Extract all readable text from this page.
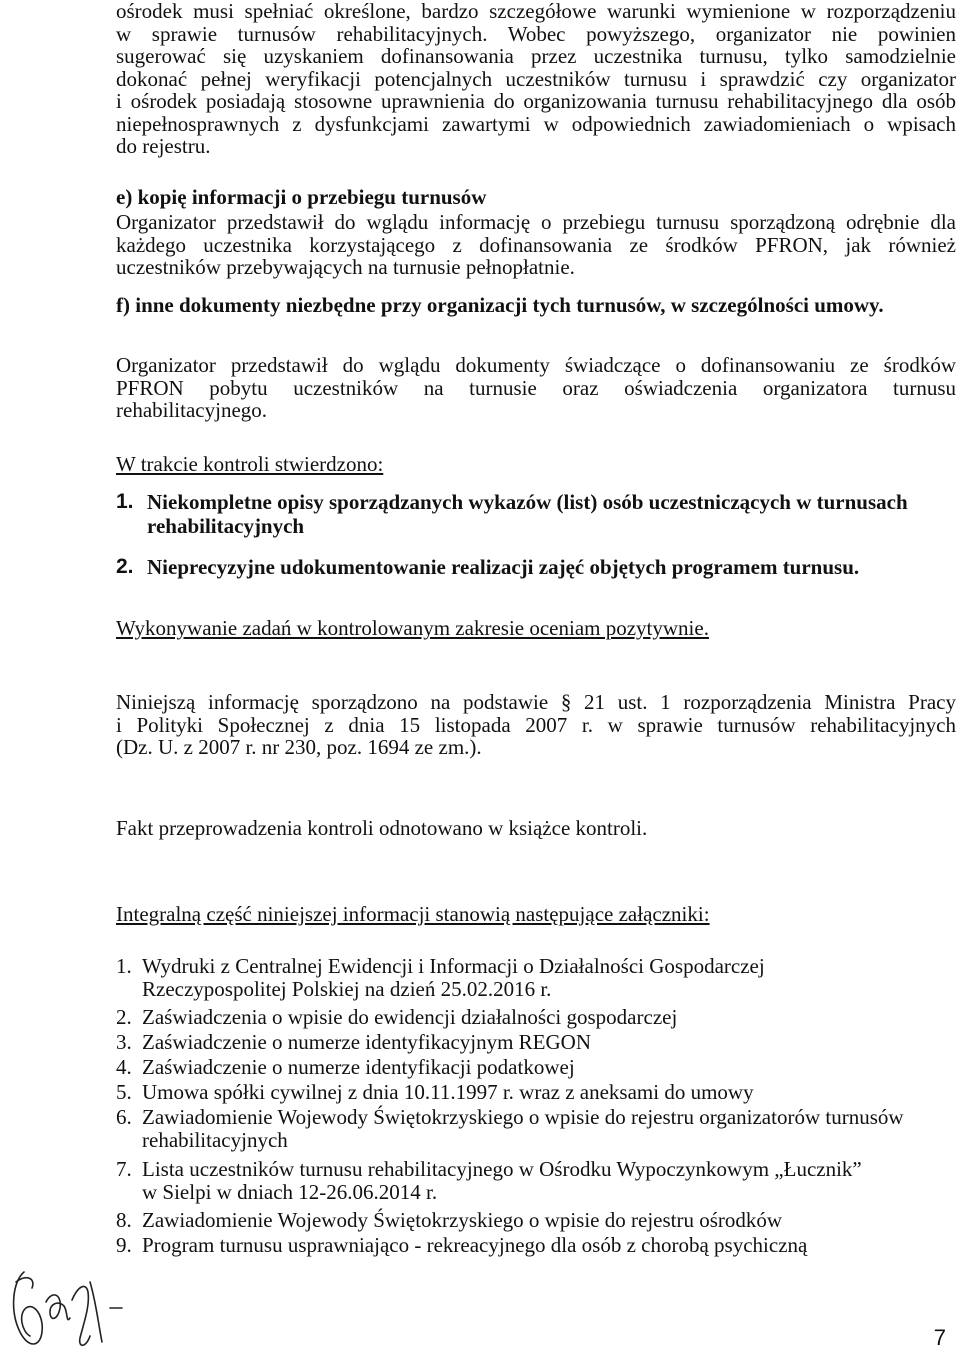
ośrodek musi spełniać określone, bardzo szczegółowe warunki wymienione w rozporządzeniu
w sprawie turnusów rehabilitacyjnych. Wobec powyższego, organizator nie powinien
sugerować się uzyskaniem dofinansowania przez uczestnika turnusu, tylko samodzielnie
dokonać pełnej weryfikacji potencjalnych uczestników turnusu i sprawdzić czy organizator
i ośrodek posiadają stosowne uprawnienia do organizowania turnusu rehabilitacyjnego dla osób
niepełnosprawnych z dysfunkcjami zawartymi w odpowiednich zawiadomieniach o wpisach
do rejestru.
e) kopię informacji o przebiegu turnusów
Organizator przedstawił do wglądu informację o przebiegu turnusu sporządzoną odrębnie dla
każdego uczestnika korzystającego z dofinansowania ze środków PFRON, jak również
uczestników przebywających na turnusie pełnopłatnie.
f) inne dokumenty niezbędne przy organizacji tych turnusów, w szczególności umowy.
Organizator przedstawił do wglądu dokumenty świadczące o dofinansowaniu ze środków
PFRON pobytu uczestników na turnusie oraz oświadczenia organizatora turnusu
rehabilitacyjnego.
W trakcie kontroli stwierdzono:
1. Niekompletne opisy sporządzanych wykazów (list) osób uczestniczących w turnusach
rehabilitacyjnych
2. Nieprecyzyjne udokumentowanie realizacji zajęć objętych programem turnusu.
Wykonywanie zadań w kontrolowanym zakresie oceniam pozytywnie.
Niniejszą informację sporządzono na podstawie § 21 ust. 1 rozporządzenia Ministra Pracy
i Polityki Społecznej z dnia 15 listopada 2007 r. w sprawie turnusów rehabilitacyjnych
(Dz. U. z 2007 r. nr 230, poz. 1694 ze zm.).
Fakt przeprowadzenia kontroli odnotowano w książce kontroli.
Integralną część niniejszej informacji stanowią następujące załączniki:
1. Wydruki z Centralnej Ewidencji i Informacji o Działalności Gospodarczej
Rzeczypospolitej Polskiej na dzień 25.02.2016 r.
2. Zaświadczenia o wpisie do ewidencji działalności gospodarczej
3. Zaświadczenie o numerze identyfikacyjnym REGON
4. Zaświadczenie o numerze identyfikacji podatkowej
5. Umowa spółki cywilnej z dnia 10.11.1997 r. wraz z aneksami do umowy
6. Zawiadomienie Wojewody Świętokrzyskiego o wpisie do rejestru organizatorów turnusów
rehabilitacyjnych
7. Lista uczestników turnusu rehabilitacyjnego w Ośrodku Wypoczynkowym „Łucznik”
w Sielpi w dniach 12-26.06.2014 r.
8. Zawiadomienie Wojewody Świętokrzyskiego o wpisie do rejestru ośrodków
9. Program turnusu usprawniająco - rekreacyjnego dla osób z chorobą psychiczną
7
